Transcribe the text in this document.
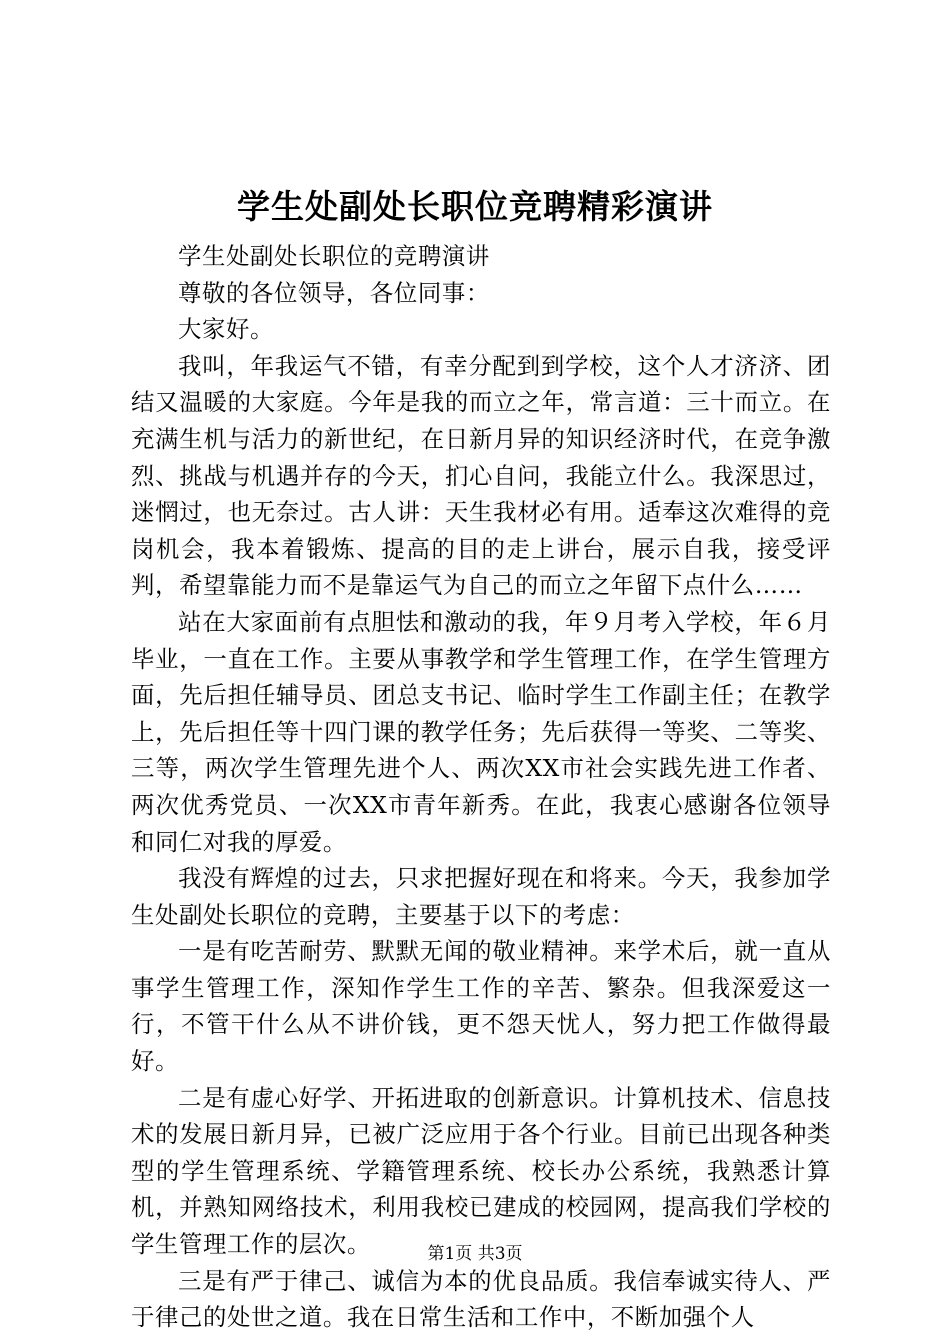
学生处副处长职位竞聘精彩演讲

学生处副处长职位的竞聘演讲

尊敬的各位领导，各位同事：

大家好。

我叫，年我运气不错，有幸分配到到学校，这个人才济济、团结又温暖的大家庭。今年是我的而立之年，常言道：三十而立。在充满生机与活力的新世纪，在日新月异的知识经济时代，在竞争激烈、挑战与机遇并存的今天，扪心自问，我能立什么。我深思过，迷惘过，也无奈过。古人讲：天生我材必有用。适奉这次难得的竞岗机会，我本着锻炼、提高的目的走上讲台，展示自我，接受评判，希望靠能力而不是靠运气为自己的而立之年留下点什么……

站在大家面前有点胆怯和激动的我，年９月考入学校，年６月毕业，一直在工作。主要从事教学和学生管理工作，在学生管理方面，先后担任辅导员、团总支书记、临时学生工作副主任；在教学上，先后担任等十四门课的教学任务；先后获得一等奖、二等奖、三等，两次学生管理先进个人、两次XX市社会实践先进工作者、两次优秀党员、一次XX市青年新秀。在此，我衷心感谢各位领导和同仁对我的厚爱。

我没有辉煌的过去，只求把握好现在和将来。今天，我参加学生处副处长职位的竞聘，主要基于以下的考虑：

一是有吃苦耐劳、默默无闻的敬业精神。来学术后，就一直从事学生管理工作，深知作学生工作的辛苦、繁杂。但我深爱这一行，不管干什么从不讲价钱，更不怨天忧人，努力把工作做得最好。

二是有虚心好学、开拓进取的创新意识。计算机技术、信息技术的发展日新月异，已被广泛应用于各个行业。目前已出现各种类型的学生管理系统、学籍管理系统、校长办公系统，我熟悉计算机，并熟知网络技术，利用我校已建成的校园网，提高我们学校的学生管理工作的层次。

三是有严于律己、诚信为本的优良品质。我信奉诚实待人、严于律己的处世之道。我在日常生活和工作中，不断加强个人

第1页 共3页
